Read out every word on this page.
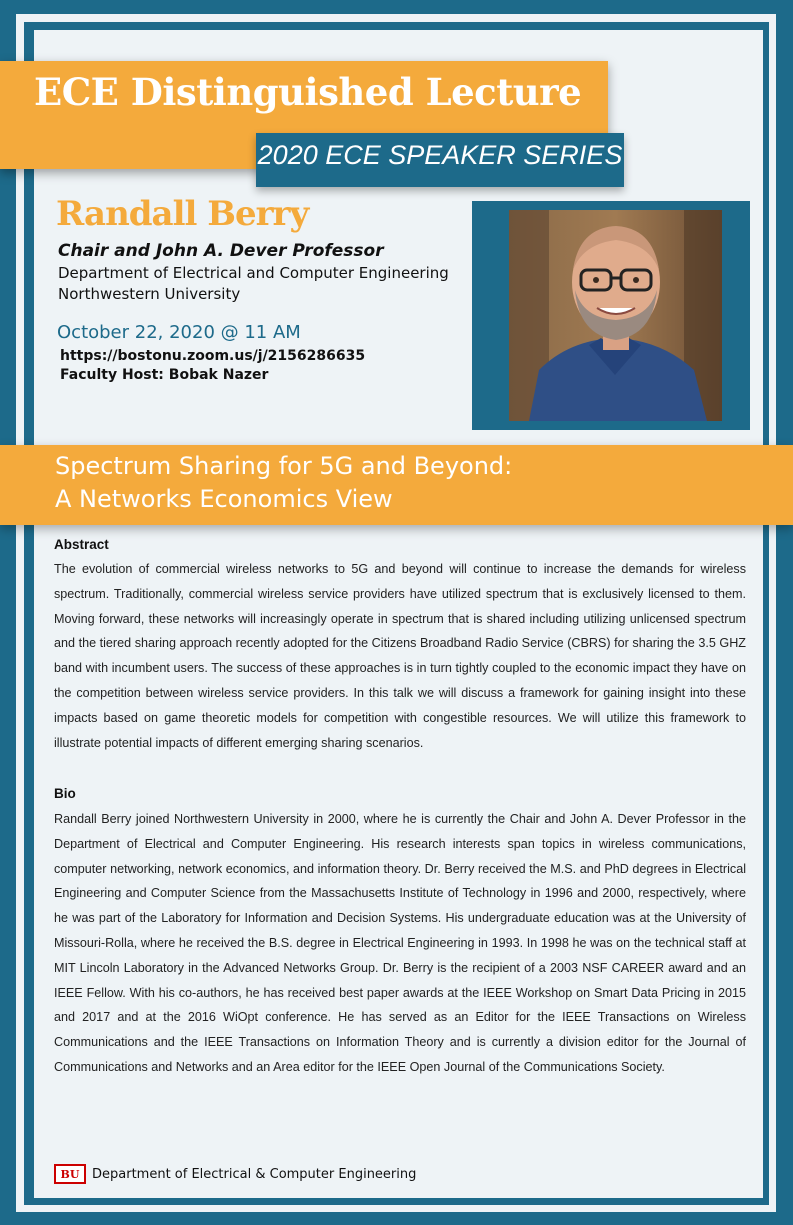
ECE Distinguished Lecture
2020 ECE SPEAKER SERIES
Randall Berry
Chair and John A. Dever Professor
Department of Electrical and Computer Engineering
Northwestern University
October 22, 2020 @ 11 AM
https://bostonu.zoom.us/j/2156286635
Faculty Host: Bobak Nazer
Spectrum Sharing for 5G and Beyond:
A Networks Economics View
Abstract

The evolution of commercial wireless networks to 5G and beyond will continue to increase the demands for wireless spectrum. Traditionally, commercial wireless service providers have utilized spectrum that is exclusively licensed to them. Moving forward, these networks will increasingly operate in spectrum that is shared including utilizing unlicensed spectrum and the tiered sharing approach recently adopted for the Citizens Broadband Radio Service (CBRS) for sharing the 3.5 GHZ band with incumbent users. The success of these approaches is in turn tightly coupled to the economic impact they have on the competition between wireless service providers. In this talk we will discuss a framework for gaining insight into these impacts based on game theoretic models for competition with congestible resources. We will utilize this framework to illustrate potential impacts of different emerging sharing scenarios.

Bio

Randall Berry joined Northwestern University in 2000, where he is currently the Chair and John A. Dever Professor in the Department of Electrical and Computer Engineering. His research interests span topics in wireless communications, computer networking, network economics, and information theory. Dr. Berry received the M.S. and PhD degrees in Electrical Engineering and Computer Science from the Massachusetts Institute of Technology in 1996 and 2000, respectively, where he was part of the Laboratory for Information and Decision Systems. His undergraduate education was at the University of Missouri-Rolla, where he received the B.S. degree in Electrical Engineering in 1993. In 1998 he was on the technical staff at MIT Lincoln Laboratory in the Advanced Networks Group. Dr. Berry is the recipient of a 2003 NSF CAREER award and an IEEE Fellow. With his co-authors, he has received best paper awards at the IEEE Workshop on Smart Data Pricing in 2015 and 2017 and at the 2016 WiOpt conference. He has served as an Editor for the IEEE Transactions on Wireless Communications and the IEEE Transactions on Information Theory and is currently a division editor for the Journal of Communications and Networks and an Area editor for the IEEE Open Journal of the Communications Society.

BU Department of Electrical & Computer Engineering
